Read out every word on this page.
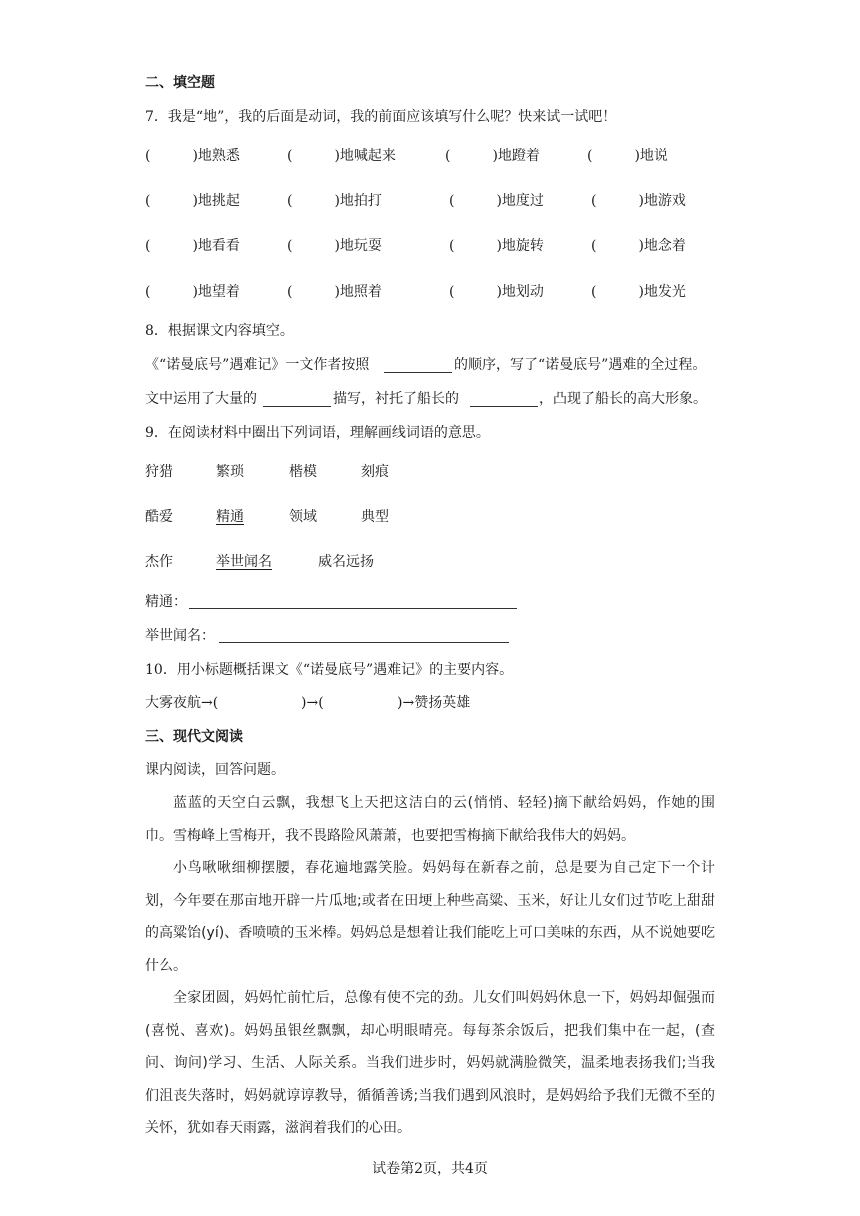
二、填空题
7．我是“地”，我的后面是动词，我的前面应该填写什么呢？快来试一试吧！
(　　　)地熟悉	(　　　)地喊起来	(　　　)地蹬着	(　　　)地说
(　　　)地挑起	(　　　)地拍打	(　　　)地度过	(　　　)地游戏
(　　　)地看看	(　　　)地玩耍	(　　　)地旋转	(　　　)地念着
(　　　)地望着	(　　　)地照着	(　　　)地划动	(　　　)地发光
8．根据课文内容填空。
《“诺曼底号”遇难记》一文作者按照	的顺序，写了“诺曼底号”遇难的全过程。
文中运用了大量的	描写，衬托了船长的	，凸现了船长的高大形象。
9．在阅读材料中圈出下列词语，理解画线词语的意思。
狩猎	繁琐	楷模	刻痕
酷爱	精通	领域	典型
杰作	举世闻名	威名远扬
精通：
举世闻名：
10．用小标题概括课文《“诺曼底号”遇难记》的主要内容。
大雾夜航→(	)→(	)→赞扬英雄
三、现代文阅读
课内阅读，回答问题。

蓝蓝的天空白云飘，我想飞上天把这洁白的云(悄悄、轻轻)摘下献给妈妈，作她的围巾。雪梅峰上雪梅开，我不畏路险风萧萧，也要把雪梅摘下献给我伟大的妈妈。

小鸟啾啾细柳摆腰，春花遍地露笑脸。妈妈每在新春之前，总是要为自己定下一个计划，今年要在那亩地开辟一片瓜地;或者在田埂上种些高粱、玉米，好让儿女们过节吃上甜甜的高粱饴(yí)、香喷喷的玉米棒。妈妈总是想着让我们能吃上可口美味的东西，从不说她要吃什么。

全家团圆，妈妈忙前忙后，总像有使不完的劲。儿女们叫妈妈休息一下，妈妈却倔强而(喜悦、喜欢)。妈妈虽银丝飘飘，却心明眼晴亮。每每茶余饭后，把我们集中在一起，(查问、询问)学习、生活、人际关系。当我们进步时，妈妈就满脸微笑，温柔地表扬我们;当我们沮丧失落时，妈妈就谆谆教导，循循善诱;当我们遇到风浪时，是妈妈给予我们无微不至的关怀，犹如春天雨露，滋润着我们的心田。

试卷第2页，共4页
